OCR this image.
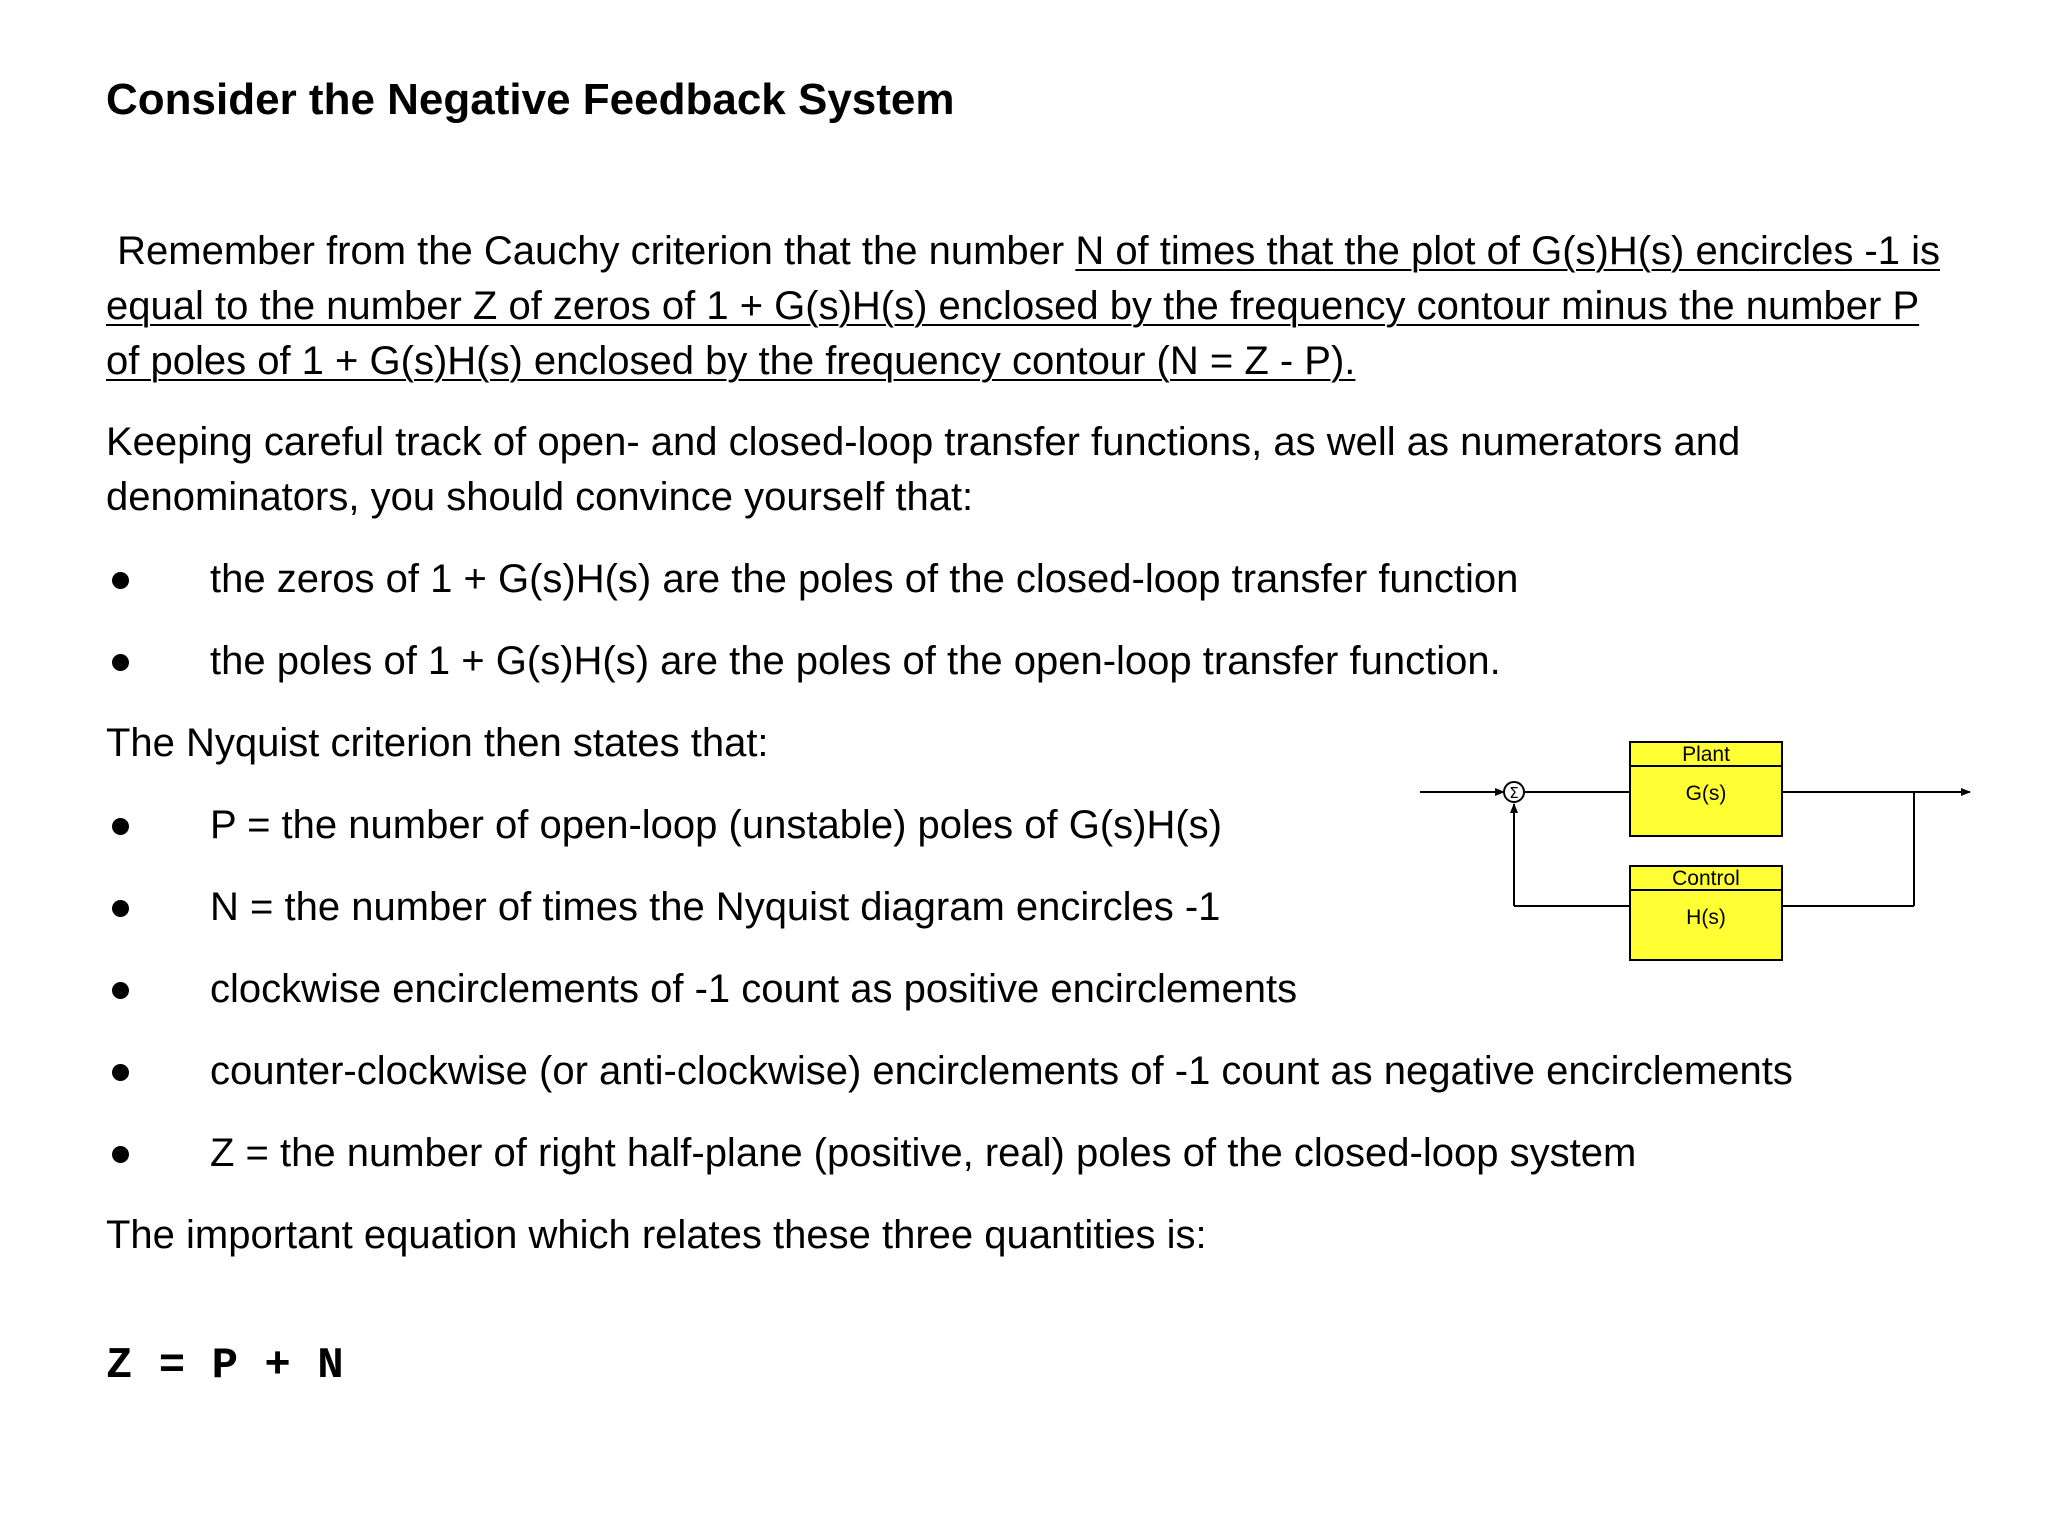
Consider the Negative Feedback System
Remember from the Cauchy criterion that the number N of times that the plot of G(s)H(s) encircles -1 is
equal to the number Z of zeros of 1 + G(s)H(s) enclosed by the frequency contour minus the number P
of poles of 1 + G(s)H(s) enclosed by the frequency contour (N = Z - P).
Keeping careful track of open- and closed-loop transfer functions, as well as numerators and
denominators, you should convince yourself that:
the zeros of 1 + G(s)H(s) are the poles of the closed-loop transfer function
the poles of 1 + G(s)H(s) are the poles of the open-loop transfer function.
The Nyquist criterion then states that:
P = the number of open-loop (unstable) poles of G(s)H(s)
N = the number of times the Nyquist diagram encircles -1
clockwise encirclements of -1 count as positive encirclements
counter-clockwise (or anti-clockwise) encirclements of -1 count as negative encirclements
Z = the number of right half-plane (positive, real) poles of the closed-loop system
The important equation which relates these three quantities is:
Z = P + N
Σ
Plant
G(s)
Control
H(s)
